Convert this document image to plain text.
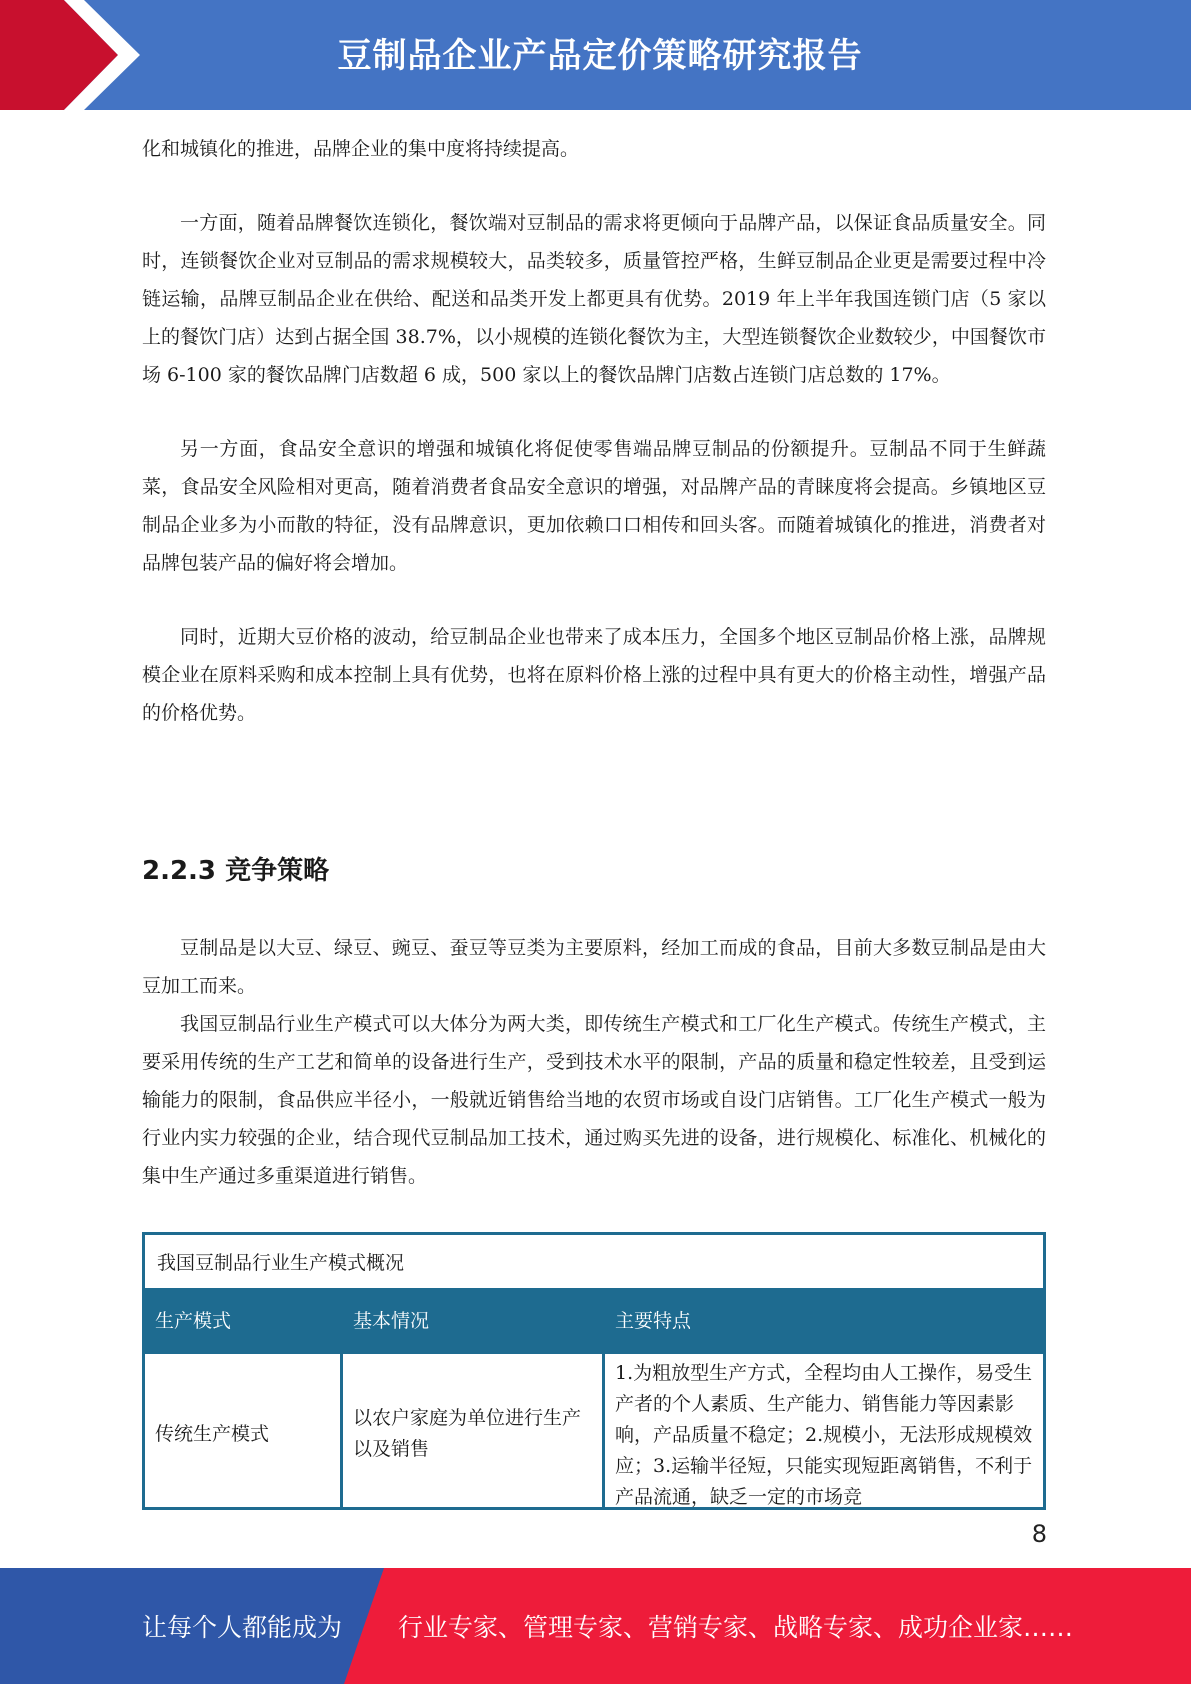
豆制品企业产品定价策略研究报告

化和城镇化的推进，品牌企业的集中度将持续提高。

一方面，随着品牌餐饮连锁化，餐饮端对豆制品的需求将更倾向于品牌产品，以保证食品质量安全。同时，连锁餐饮企业对豆制品的需求规模较大，品类较多，质量管控严格，生鲜豆制品企业更是需要过程中冷链运输，品牌豆制品企业在供给、配送和品类开发上都更具有优势。2019 年上半年我国连锁门店（5 家以上的餐饮门店）达到占据全国 38.7%，以小规模的连锁化餐饮为主，大型连锁餐饮企业数较少，中国餐饮市场 6-100 家的餐饮品牌门店数超 6 成，500 家以上的餐饮品牌门店数占连锁门店总数的 17%。

另一方面，食品安全意识的增强和城镇化将促使零售端品牌豆制品的份额提升。豆制品不同于生鲜蔬菜，食品安全风险相对更高，随着消费者食品安全意识的增强，对品牌产品的青睐度将会提高。乡镇地区豆制品企业多为小而散的特征，没有品牌意识，更加依赖口口相传和回头客。而随着城镇化的推进，消费者对品牌包装产品的偏好将会增加。

同时，近期大豆价格的波动，给豆制品企业也带来了成本压力，全国多个地区豆制品价格上涨，品牌规模企业在原料采购和成本控制上具有优势，也将在原料价格上涨的过程中具有更大的价格主动性，增强产品的价格优势。

2.2.3 竞争策略

豆制品是以大豆、绿豆、豌豆、蚕豆等豆类为主要原料，经加工而成的食品，目前大多数豆制品是由大豆加工而来。

我国豆制品行业生产模式可以大体分为两大类，即传统生产模式和工厂化生产模式。传统生产模式，主要采用传统的生产工艺和简单的设备进行生产，受到技术水平的限制，产品的质量和稳定性较差，且受到运输能力的限制，食品供应半径小，一般就近销售给当地的农贸市场或自设门店销售。工厂化生产模式一般为行业内实力较强的企业，结合现代豆制品加工技术，通过购买先进的设备，进行规模化、标准化、机械化的集中生产通过多重渠道进行销售。

我国豆制品行业生产模式概况
生产模式	基本情况	主要特点
传统生产模式
以农户家庭为单位进行生产以及销售
1.为粗放型生产方式，全程均由人工操作，易受生产者的个人素质、生产能力、销售能力等因素影响，产品质量不稳定；2.规模小，无法形成规模效应；3.运输半径短，只能实现短距离销售，不利于产品流通，缺乏一定的市场竞
8
让每个人都能成为 行业专家、管理专家、营销专家、战略专家、成功企业家……
